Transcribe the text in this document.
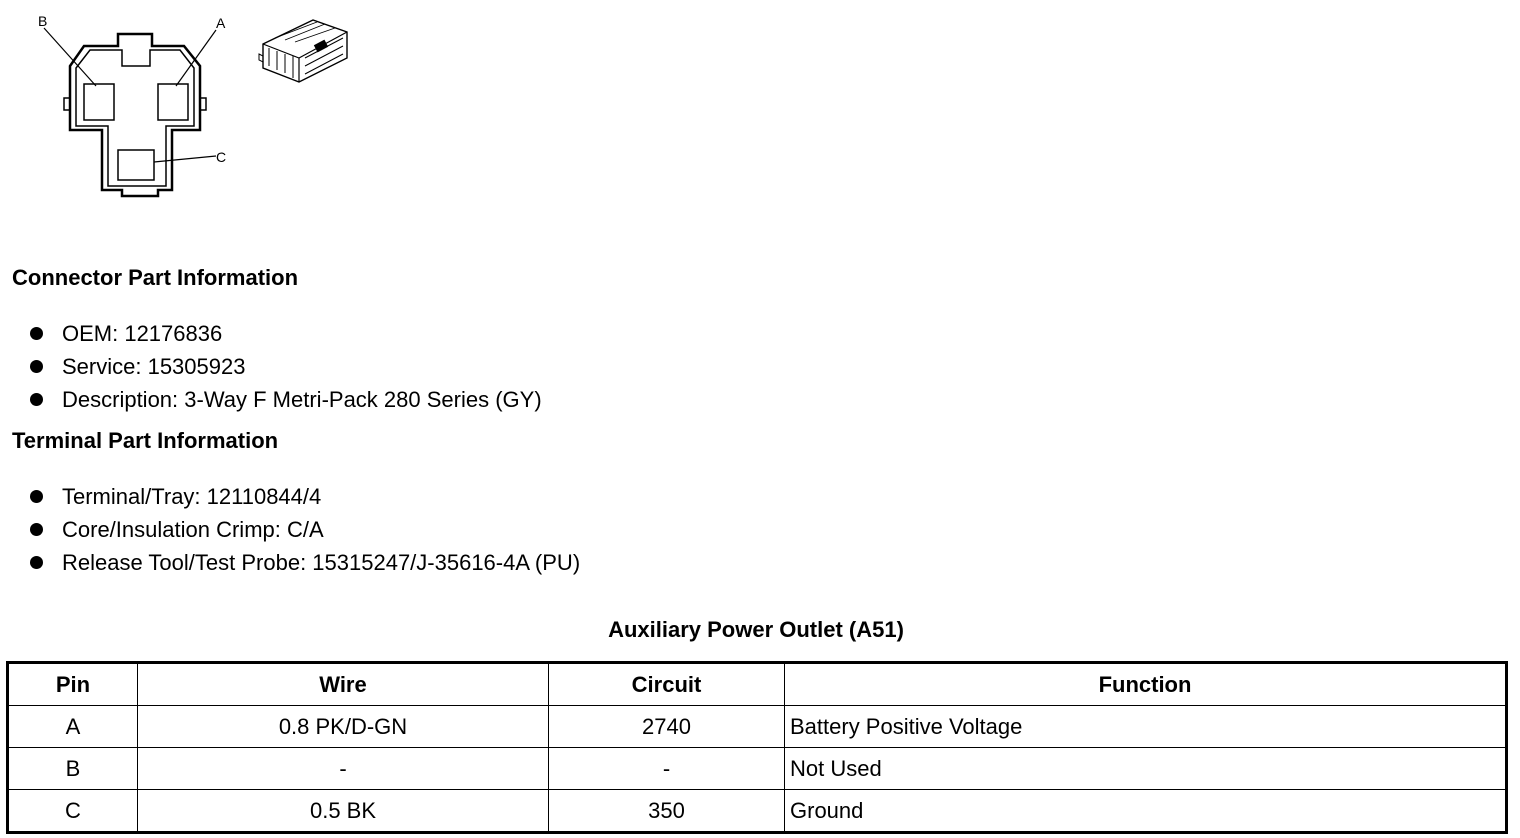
B	A
C
Connector Part Information
OEM: 12176836
Service: 15305923
Description: 3-Way F Metri-Pack 280 Series (GY)
Terminal Part Information
Terminal/Tray: 12110844/4
Core/Insulation Crimp: C/A
Release Tool/Test Probe: 15315247/J-35616-4A (PU)
Auxiliary Power Outlet (A51)
Pin	Wire	Circuit	Function
A	0.8 PK/D-GN	2740	Battery Positive Voltage
B	-	-	Not Used
C	0.5 BK	350	Ground
